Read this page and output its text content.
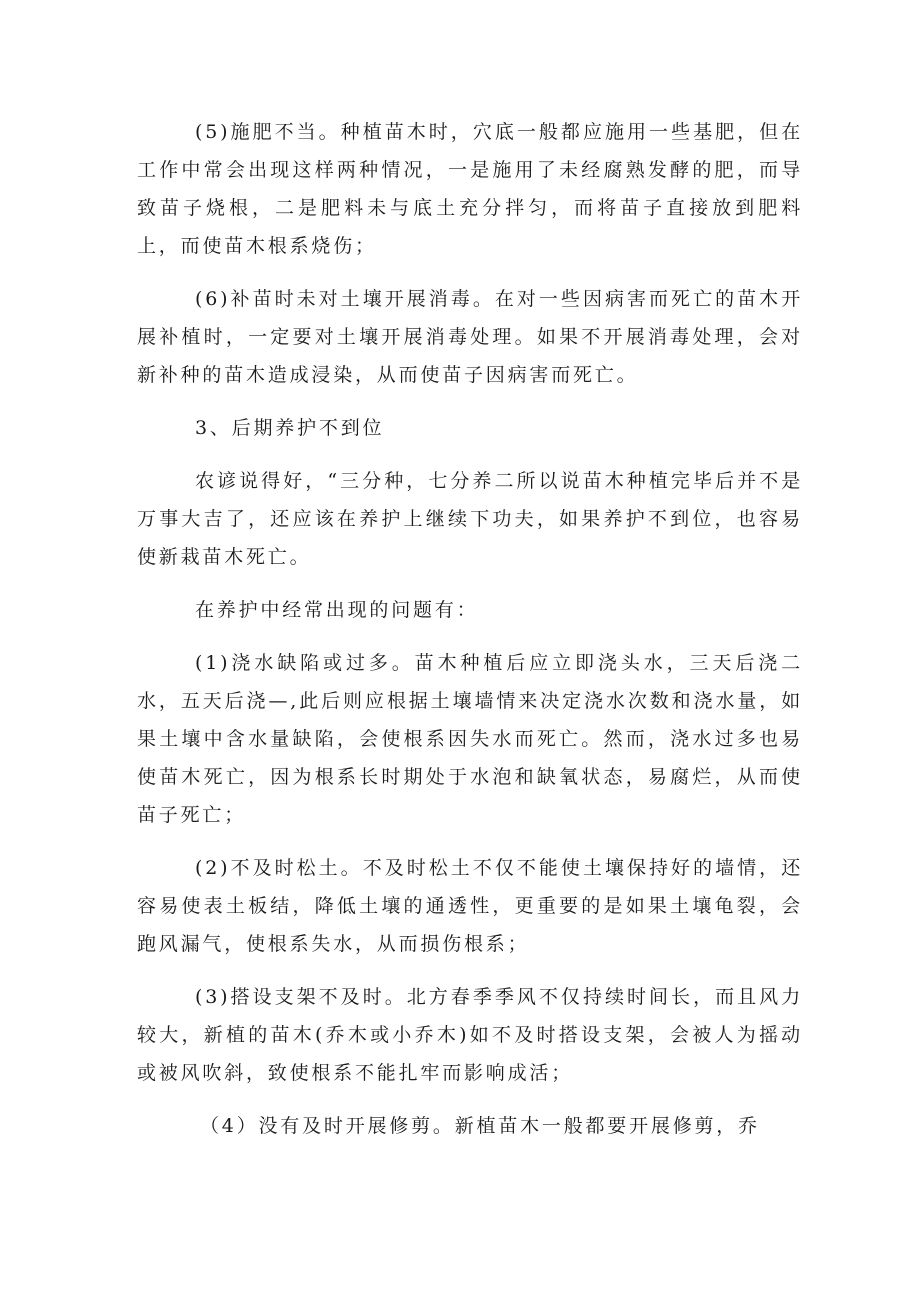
(5)施肥不当。种植苗木时，穴底一般都应施用一些基肥，但在工作中常会出现这样两种情况，一是施用了未经腐熟发酵的肥，而导致苗子烧根，二是肥料未与底土充分拌匀，而将苗子直接放到肥料上，而使苗木根系烧伤；

(6)补苗时未对土壤开展消毒。在对一些因病害而死亡的苗木开展补植时，一定要对土壤开展消毒处理。如果不开展消毒处理，会对新补种的苗木造成浸染，从而使苗子因病害而死亡。

3、后期养护不到位

农谚说得好，“三分种，七分养二所以说苗木种植完毕后并不是万事大吉了，还应该在养护上继续下功夫，如果养护不到位，也容易使新栽苗木死亡。

在养护中经常出现的问题有：

(1)浇水缺陷或过多。苗木种植后应立即浇头水，三天后浇二水，五天后浇—,此后则应根据土壤墙情来决定浇水次数和浇水量，如果土壤中含水量缺陷，会使根系因失水而死亡。然而，浇水过多也易使苗木死亡，因为根系长时期处于水泡和缺氧状态，易腐烂，从而使苗子死亡；

(2)不及时松土。不及时松土不仅不能使土壤保持好的墙情，还容易使表土板结，降低土壤的通透性，更重要的是如果土壤龟裂，会跑风漏气，使根系失水，从而损伤根系；

(3)搭设支架不及时。北方春季季风不仅持续时间长，而且风力较大，新植的苗木(乔木或小乔木)如不及时搭设支架，会被人为摇动或被风吹斜，致使根系不能扎牢而影响成活；

（4）没有及时开展修剪。新植苗木一般都要开展修剪，乔
